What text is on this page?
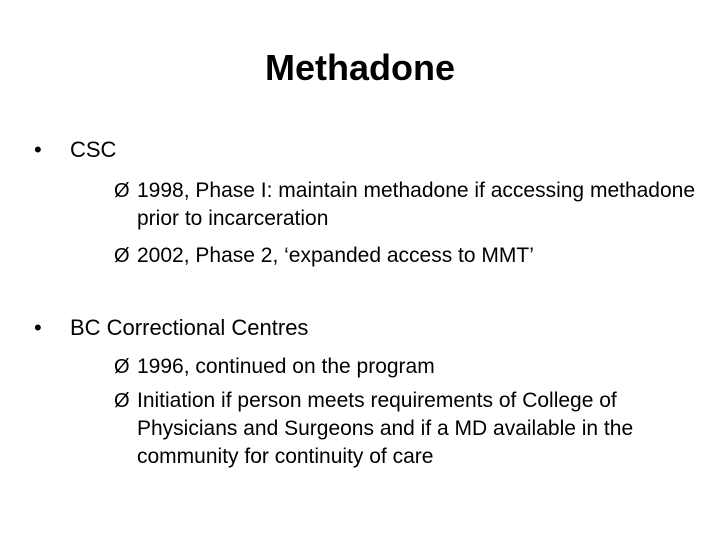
Methadone
•	CSC
Ø 1998, Phase I: maintain methadone if accessing methadone prior to incarceration
Ø 2002, Phase 2, ‘expanded access to MMT’
•	BC Correctional Centres
Ø 1996, continued on the program
Ø Initiation if person meets requirements of College of Physicians and Surgeons and if a MD available in the community for continuity of care
